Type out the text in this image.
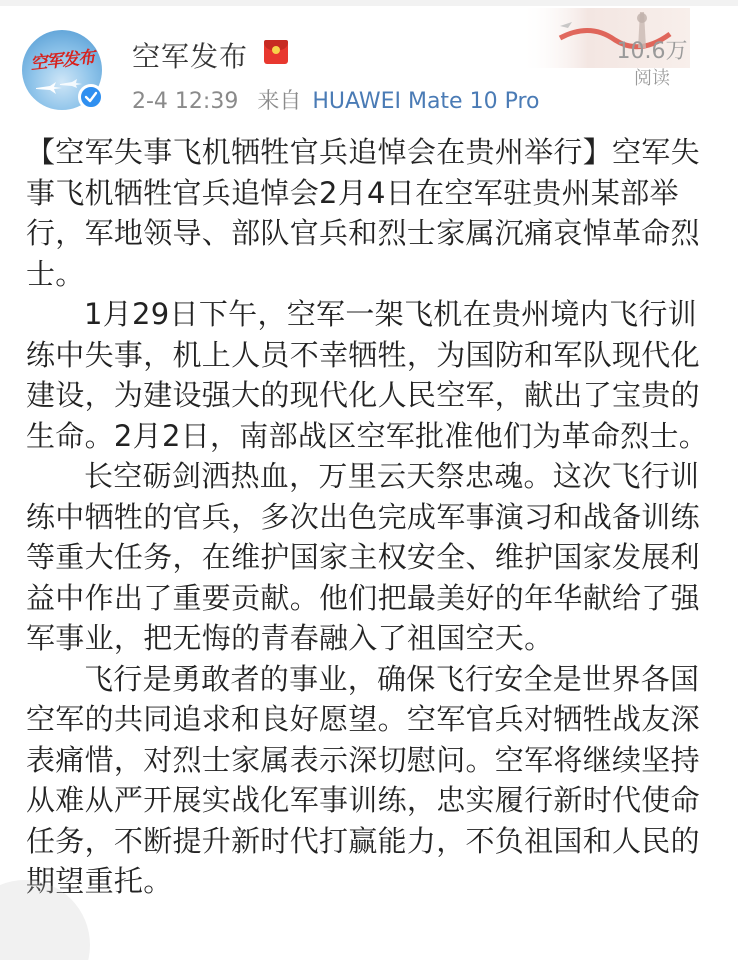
空军发布 空军发布
2-4 12:39 来自 HUAWEI Mate 10 Pro
10.6万
阅读

【空军失事飞机牺牲官兵追悼会在贵州举行】空军失事飞机牺牲官兵追悼会2月4日在空军驻贵州某部举行，军地领导、部队官兵和烈士家属沉痛哀悼革命烈士。

1月29日下午，空军一架飞机在贵州境内飞行训练中失事，机上人员不幸牺牲，为国防和军队现代化建设，为建设强大的现代化人民空军，献出了宝贵的生命。2月2日，南部战区空军批准他们为革命烈士。

长空砺剑洒热血，万里云天祭忠魂。这次飞行训练中牺牲的官兵，多次出色完成军事演习和战备训练等重大任务，在维护国家主权安全、维护国家发展利益中作出了重要贡献。他们把最美好的年华献给了强军事业，把无悔的青春融入了祖国空天。

飞行是勇敢者的事业，确保飞行安全是世界各国空军的共同追求和良好愿望。空军官兵对牺牲战友深表痛惜，对烈士家属表示深切慰问。空军将继续坚持从难从严开展实战化军事训练，忠实履行新时代使命任务，不断提升新时代打赢能力，不负祖国和人民的期望重托。
